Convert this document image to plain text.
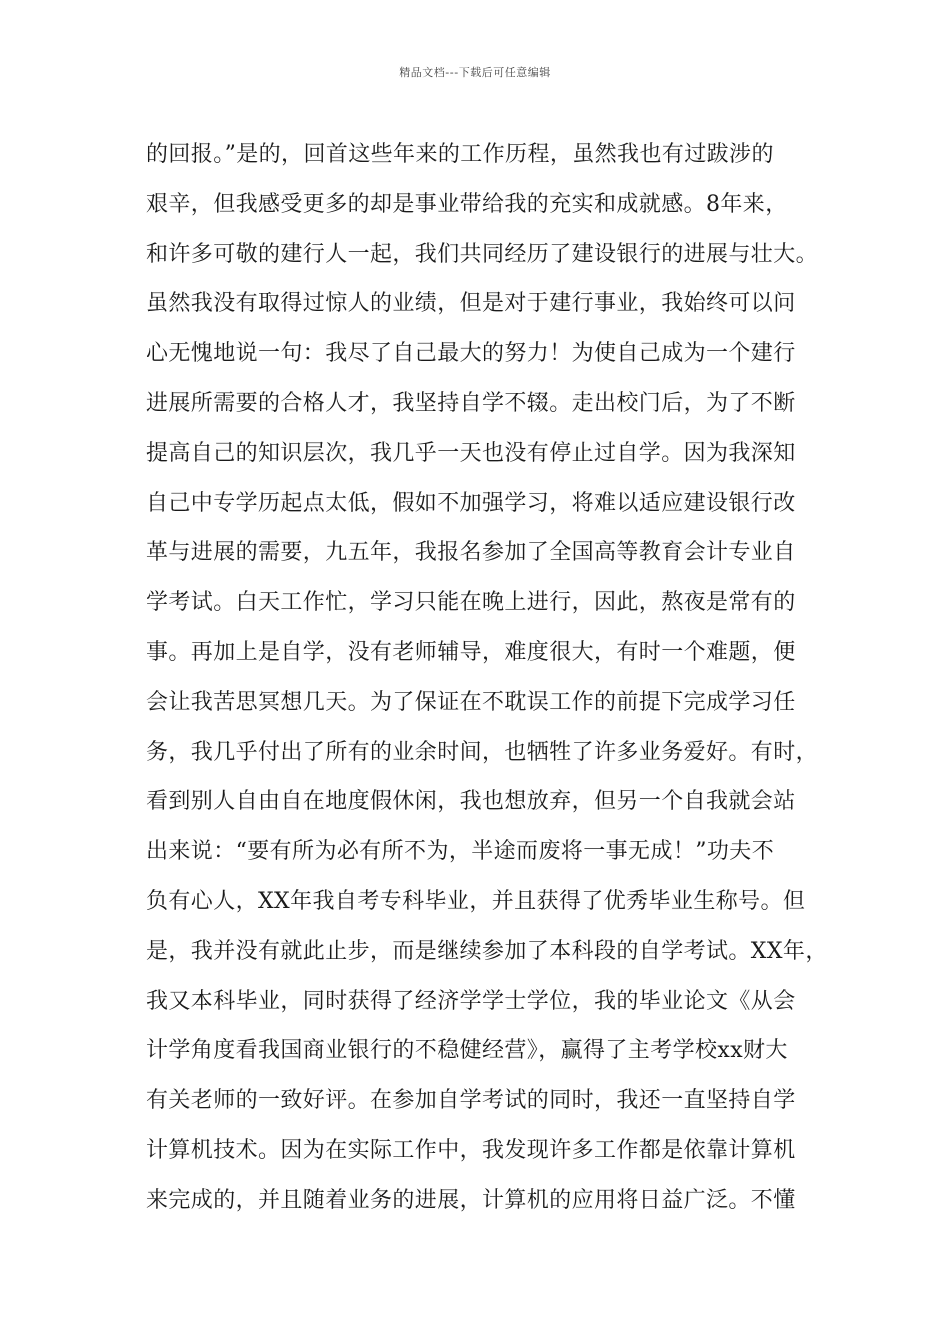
精品文档---下载后可任意编辑
的回报。”是的，回首这些年来的工作历程，虽然我也有过跋涉的
艰辛，但我感受更多的却是事业带给我的充实和成就感。8年来，
和许多可敬的建行人一起，我们共同经历了建设银行的进展与壮大。
虽然我没有取得过惊人的业绩，但是对于建行事业，我始终可以问
心无愧地说一句：我尽了自己最大的努力！为使自己成为一个建行
进展所需要的合格人才，我坚持自学不辍。走出校门后，为了不断
提高自己的知识层次，我几乎一天也没有停止过自学。因为我深知
自己中专学历起点太低，假如不加强学习，将难以适应建设银行改
革与进展的需要，九五年，我报名参加了全国高等教育会计专业自
学考试。白天工作忙，学习只能在晚上进行，因此，熬夜是常有的
事。再加上是自学，没有老师辅导，难度很大，有时一个难题，便
会让我苦思冥想几天。为了保证在不耽误工作的前提下完成学习任
务，我几乎付出了所有的业余时间，也牺牲了许多业务爱好。有时，
看到别人自由自在地度假休闲，我也想放弃，但另一个自我就会站
出来说：“要有所为必有所不为，半途而废将一事无成！”功夫不
负有心人，XX年我自考专科毕业，并且获得了优秀毕业生称号。但
是，我并没有就此止步，而是继续参加了本科段的自学考试。XX年，
我又本科毕业，同时获得了经济学学士学位，我的毕业论文《从会
计学角度看我国商业银行的不稳健经营》，赢得了主考学校xx财大
有关老师的一致好评。在参加自学考试的同时，我还一直坚持自学
计算机技术。因为在实际工作中，我发现许多工作都是依靠计算机
来完成的，并且随着业务的进展，计算机的应用将日益广泛。不懂
